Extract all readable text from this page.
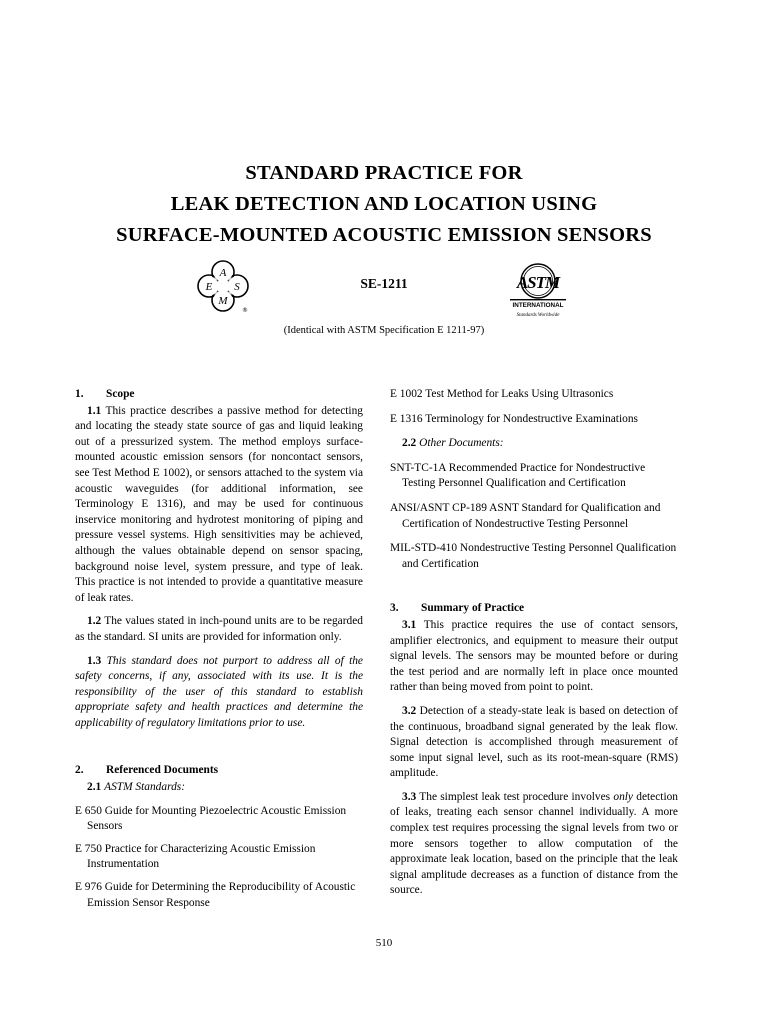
STANDARD PRACTICE FOR
LEAK DETECTION AND LOCATION USING
SURFACE-MOUNTED ACOUSTIC EMISSION SENSORS
A
E S
M
®
SE-1211	ASTM
INTERNATIONAL
Standards Worldwide
(Identical with ASTM Specification E 1211-97)
1. Scope
1.1 This practice describes a passive method for detecting and locating the steady state source of gas and liquid leaking out of a pressurized system. The method employs surface-mounted acoustic emission sensors (for noncontact sensors, see Test Method E 1002), or sensors attached to the system via acoustic waveguides (for additional information, see Terminology E 1316), and may be used for continuous inservice monitoring and hydrotest monitoring of piping and pressure vessel systems. High sensitivities may be achieved, although the values obtainable depend on sensor spacing, background noise level, system pressure, and type of leak. This practice is not intended to provide a quantitative measure of leak rates.
1.2 The values stated in inch-pound units are to be regarded as the standard. SI units are provided for information only.
1.3 This standard does not purport to address all of the safety concerns, if any, associated with its use. It is the responsibility of the user of this standard to establish appropriate safety and health practices and determine the applicability of regulatory limitations prior to use.
2. Referenced Documents
2.1 ASTM Standards:
E 650 Guide for Mounting Piezoelectric Acoustic Emission Sensors
E 750 Practice for Characterizing Acoustic Emission Instrumentation
E 976 Guide for Determining the Reproducibility of Acoustic Emission Sensor Response
E 1002 Test Method for Leaks Using Ultrasonics
E 1316 Terminology for Nondestructive Examinations
2.2 Other Documents:
SNT-TC-1A Recommended Practice for Nondestructive Testing Personnel Qualification and Certification
ANSI/ASNT CP-189 ASNT Standard for Qualification and Certification of Nondestructive Testing Personnel
MIL-STD-410 Nondestructive Testing Personnel Qualification and Certification
3. Summary of Practice
3.1 This practice requires the use of contact sensors, amplifier electronics, and equipment to measure their output signal levels. The sensors may be mounted before or during the test period and are normally left in place once mounted rather than being moved from point to point.
3.2 Detection of a steady-state leak is based on detection of the continuous, broadband signal generated by the leak flow. Signal detection is accomplished through measurement of some input signal level, such as its root-mean-square (RMS) amplitude.
3.3 The simplest leak test procedure involves only detection of leaks, treating each sensor channel individually. A more complex test requires processing the signal levels from two or more sensors together to allow computation of the approximate leak location, based on the principle that the leak signal amplitude decreases as a function of distance from the source.
510
